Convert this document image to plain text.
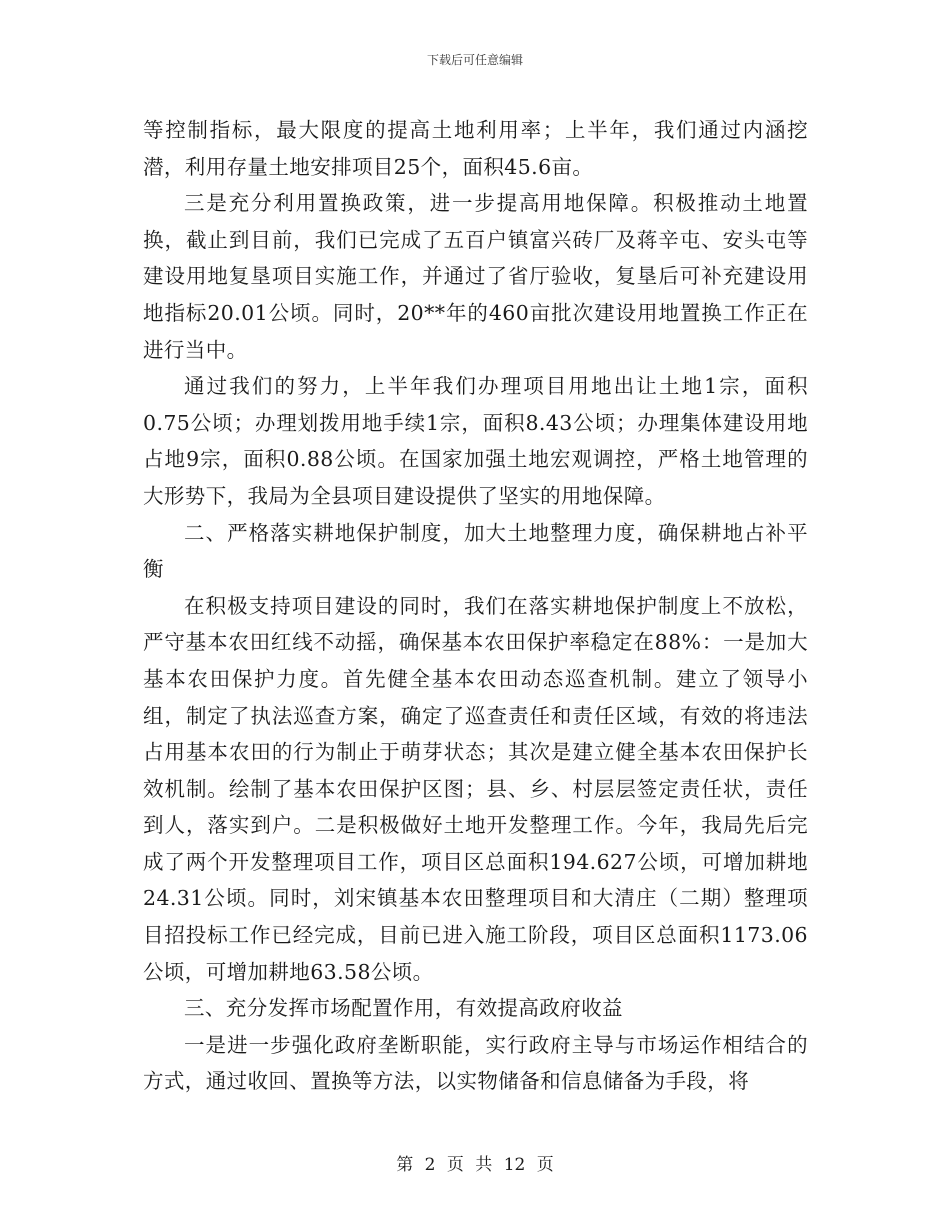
下载后可任意编辑

等控制指标，最大限度的提高土地利用率；上半年，我们通过内涵挖潜，利用存量土地安排项目25个，面积45.6亩。

三是充分利用置换政策，进一步提高用地保障。积极推动土地置换，截止到目前，我们已完成了五百户镇富兴砖厂及蒋辛屯、安头屯等建设用地复垦项目实施工作，并通过了省厅验收，复垦后可补充建设用地指标20.01公顷。同时，20**年的460亩批次建设用地置换工作正在进行当中。

通过我们的努力，上半年我们办理项目用地出让土地1宗，面积0.75公顷；办理划拨用地手续1宗，面积8.43公顷；办理集体建设用地占地9宗，面积0.88公顷。在国家加强土地宏观调控，严格土地管理的大形势下，我局为全县项目建设提供了坚实的用地保障。

二、严格落实耕地保护制度，加大土地整理力度，确保耕地占补平衡

在积极支持项目建设的同时，我们在落实耕地保护制度上不放松，严守基本农田红线不动摇，确保基本农田保护率稳定在88%：一是加大基本农田保护力度。首先健全基本农田动态巡查机制。建立了领导小组，制定了执法巡查方案，确定了巡查责任和责任区域，有效的将违法占用基本农田的行为制止于萌芽状态；其次是建立健全基本农田保护长效机制。绘制了基本农田保护区图；县、乡、村层层签定责任状，责任到人，落实到户。二是积极做好土地开发整理工作。今年，我局先后完成了两个开发整理项目工作，项目区总面积194.627公顷，可增加耕地24.31公顷。同时，刘宋镇基本农田整理项目和大清庄（二期）整理项目招投标工作已经完成，目前已进入施工阶段，项目区总面积1173.06公顷，可增加耕地63.58公顷。

三、充分发挥市场配置作用，有效提高政府收益

一是进一步强化政府垄断职能，实行政府主导与市场运作相结合的方式，通过收回、置换等方法，以实物储备和信息储备为手段，将

第 2 页 共 12 页
